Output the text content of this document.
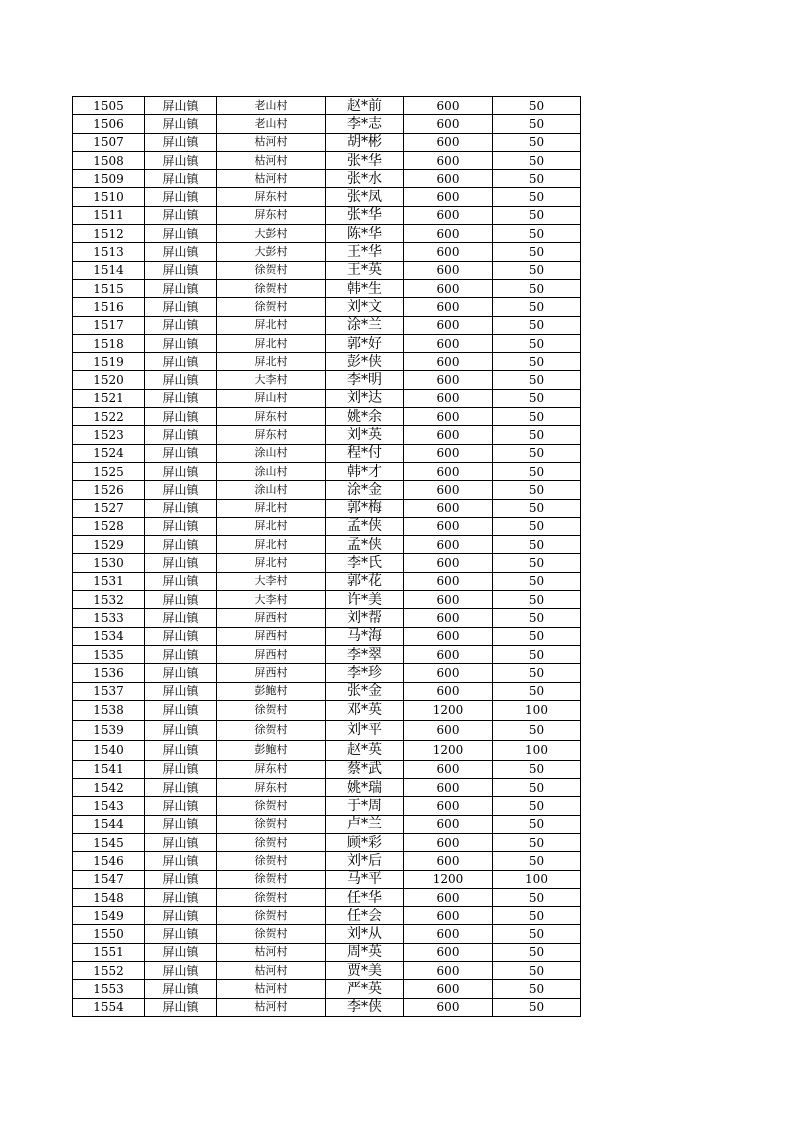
1505	屏山镇	老山村	赵*前	600	50
1506	屏山镇	老山村	李*志	600	50
1507	屏山镇	枯河村	胡*彬	600	50
1508	屏山镇	枯河村	张*华	600	50
1509	屏山镇	枯河村	张*水	600	50
1510	屏山镇	屏东村	张*凤	600	50
1511	屏山镇	屏东村	张*华	600	50
1512	屏山镇	大彭村	陈*华	600	50
1513	屏山镇	大彭村	王*华	600	50
1514	屏山镇	徐贺村	王*英	600	50
1515	屏山镇	徐贺村	韩*生	600	50
1516	屏山镇	徐贺村	刘*文	600	50
1517	屏山镇	屏北村	涂*兰	600	50
1518	屏山镇	屏北村	郭*好	600	50
1519	屏山镇	屏北村	彭*侠	600	50
1520	屏山镇	大李村	李*明	600	50
1521	屏山镇	屏山村	刘*达	600	50
1522	屏山镇	屏东村	姚*余	600	50
1523	屏山镇	屏东村	刘*英	600	50
1524	屏山镇	涂山村	程*付	600	50
1525	屏山镇	涂山村	韩*才	600	50
1526	屏山镇	涂山村	涂*金	600	50
1527	屏山镇	屏北村	郭*梅	600	50
1528	屏山镇	屏北村	孟*侠	600	50
1529	屏山镇	屏北村	孟*侠	600	50
1530	屏山镇	屏北村	李*氏	600	50
1531	屏山镇	大李村	郭*花	600	50
1532	屏山镇	大李村	许*美	600	50
1533	屏山镇	屏西村	刘*帮	600	50
1534	屏山镇	屏西村	马*海	600	50
1535	屏山镇	屏西村	李*翠	600	50
1536	屏山镇	屏西村	李*珍	600	50
1537	屏山镇	彭鲍村	张*金	600	50
1538	屏山镇	徐贺村	邓*英	1200	100
1539	屏山镇	徐贺村	刘*平	600	50
1540	屏山镇	彭鲍村	赵*英	1200	100
1541	屏山镇	屏东村	蔡*武	600	50
1542	屏山镇	屏东村	姚*瑞	600	50
1543	屏山镇	徐贺村	于*周	600	50
1544	屏山镇	徐贺村	卢*兰	600	50
1545	屏山镇	徐贺村	顾*彩	600	50
1546	屏山镇	徐贺村	刘*后	600	50
1547	屏山镇	徐贺村	马*平	1200	100
1548	屏山镇	徐贺村	任*华	600	50
1549	屏山镇	徐贺村	任*会	600	50
1550	屏山镇	徐贺村	刘*从	600	50
1551	屏山镇	枯河村	周*英	600	50
1552	屏山镇	枯河村	贾*美	600	50
1553	屏山镇	枯河村	严*英	600	50
1554	屏山镇	枯河村	李*侠	600	50
